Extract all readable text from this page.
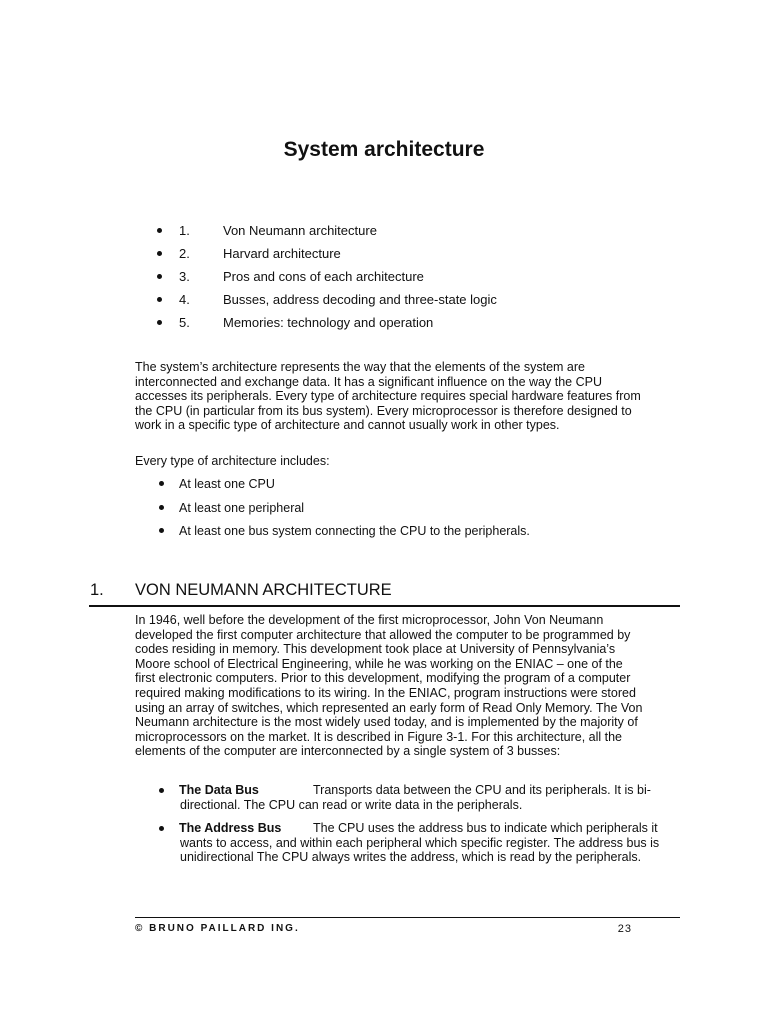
System architecture
1.	Von Neumann architecture
2.	Harvard architecture
3.	Pros and cons of each architecture
4.	Busses, address decoding and three-state logic
5.	Memories: technology and operation

The system’s architecture represents the way that the elements of the system are interconnected and exchange data. It has a significant influence on the way the CPU accesses its peripherals. Every type of architecture requires special hardware features from the CPU (in particular from its bus system). Every microprocessor is therefore designed to work in a specific type of architecture and cannot usually work in other types.

Every type of architecture includes:

At least one CPU
At least one peripheral
At least one bus system connecting the CPU to the peripherals.
1. VON NEUMANN ARCHITECTURE

In 1946, well before the development of the first microprocessor, John Von Neumann developed the first computer architecture that allowed the computer to be programmed by codes residing in memory. This development took place at University of Pennsylvania’s Moore school of Electrical Engineering, while he was working on the ENIAC – one of the first electronic computers. Prior to this development, modifying the program of a computer required making modifications to its wiring. In the ENIAC, program instructions were stored using an array of switches, which represented an early form of Read Only Memory. The Von Neumann architecture is the most widely used today, and is implemented by the majority of microprocessors on the market. It is described in Figure 3-1. For this architecture, all the elements of the computer are interconnected by a single system of 3 busses:

The Data Bus	Transports data between the CPU and its peripherals. It is bi-directional. The CPU can read or write data in the peripherals.
The Address Bus	The CPU uses the address bus to indicate which peripherals it wants to access, and within each peripheral which specific register. The address bus is unidirectional The CPU always writes the address, which is read by the peripherals.
© BRUNO PAILLARD ING.	23
